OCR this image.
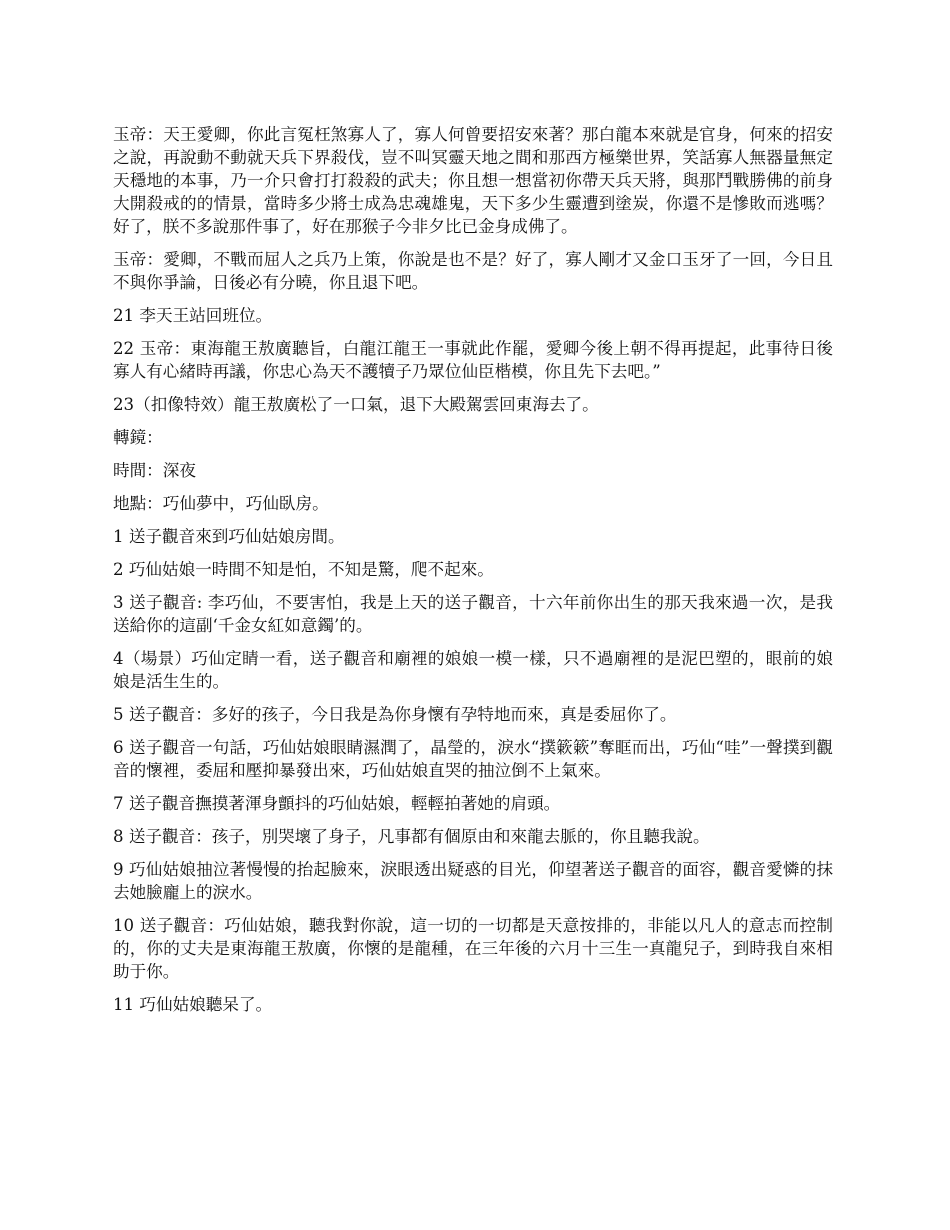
玉帝：天王愛卿，你此言冤枉煞寡人了，寡人何曾要招安來著？那白龍本來就是官身，何來的招安之說，再說動不動就天兵下界殺伐，豈不叫冥靈天地之間和那西方極樂世界，笑話寡人無器量無定天穩地的本事，乃一介只會打打殺殺的武夫；你且想一想當初你帶天兵天將，與那鬥戰勝佛的前身大開殺戒的的情景，當時多少將士成為忠魂雄鬼，天下多少生靈遭到塗炭，你還不是慘敗而逃嗎？好了，朕不多說那件事了，好在那猴子今非夕比已金身成佛了。

玉帝：愛卿，不戰而屈人之兵乃上策，你說是也不是？好了，寡人剛才又金口玉牙了一回，今日且不與你爭論，日後必有分曉，你且退下吧。

21 李天王站回班位。

22 玉帝：東海龍王敖廣聽旨，白龍江龍王一事就此作罷，愛卿今後上朝不得再提起，此事待日後寡人有心緒時再議，你忠心為天不護犢子乃眾位仙臣楷模，你且先下去吧。”

23（扣像特效）龍王敖廣松了一口氣，退下大殿駕雲回東海去了。

轉鏡：

時間：深夜

地點：巧仙夢中，巧仙臥房。

1 送子觀音來到巧仙姑娘房間。

2 巧仙姑娘一時間不知是怕，不知是驚，爬不起來。

3 送子觀音: 李巧仙，不要害怕，我是上天的送子觀音，十六年前你出生的那天我來過一次，是我送給你的這副‘千金女紅如意鐲’的。

4（場景）巧仙定睛一看，送子觀音和廟裡的娘娘一模一樣，只不過廟裡的是泥巴塑的，眼前的娘娘是活生生的。

5 送子觀音：多好的孩子，今日我是為你身懷有孕特地而來，真是委屈你了。

6 送子觀音一句話，巧仙姑娘眼睛濕潤了，晶瑩的，淚水“撲簌簌”奪眶而出，巧仙“哇”一聲撲到觀音的懷裡，委屈和壓抑暴發出來，巧仙姑娘直哭的抽泣倒不上氣來。

7 送子觀音撫摸著渾身顫抖的巧仙姑娘，輕輕拍著她的肩頭。

8 送子觀音：孩子，別哭壞了身子，凡事都有個原由和來龍去脈的，你且聽我說。

9 巧仙姑娘抽泣著慢慢的抬起臉來，淚眼透出疑惑的目光，仰望著送子觀音的面容，觀音愛憐的抹去她臉龐上的淚水。

10 送子觀音：巧仙姑娘，聽我對你說，這一切的一切都是天意按排的，非能以凡人的意志而控制的，你的丈夫是東海龍王敖廣，你懷的是龍種，在三年後的六月十三生一真龍兒子，到時我自來相助于你。

11 巧仙姑娘聽呆了。
